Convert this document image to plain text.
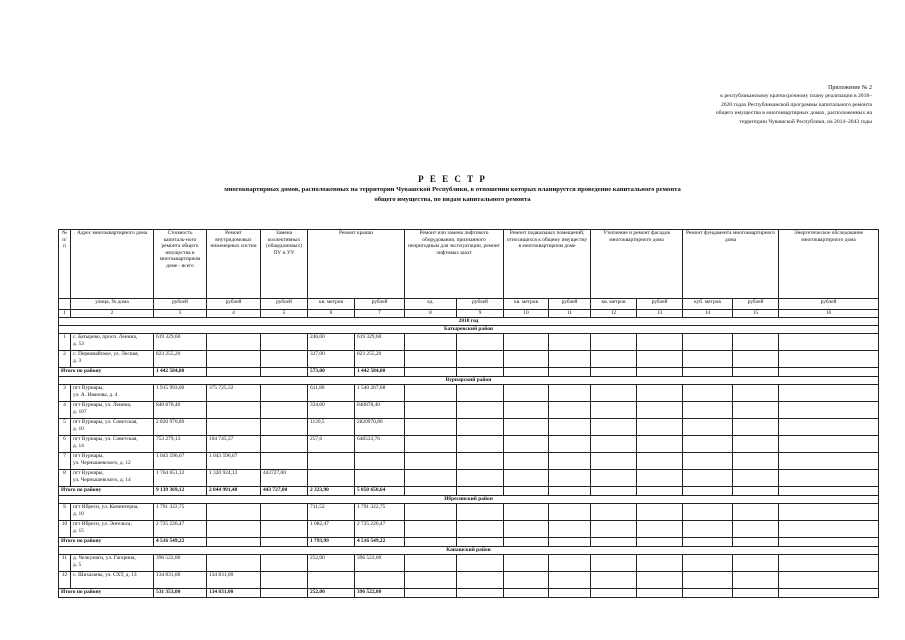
Приложение № 2
к республиканскому краткосрочному плану реализации в 2018–
2020 годах Республиканской программы капитального ремонта
общего имущества в многоквартирных домах, расположенных на
территории Чувашской Республики, на 2014–2043 годы
Р Е Е С Т Р
многоквартирных домов, расположенных на территории Чувашской Республики, в отношении которых планируется проведение капитального ремонта
общего имущества, по видам капитального ремонта
№ п/п	Адрес многоквартирного дома	Стоимость капиталь-ного ремонта общего имущества в многоквартирном доме - всего	Ремонт внутридомовых инженерных систем	Замена коллективных (общедомовых) ПУ и УУ	Ремонт крыши		Ремонт или замена лифтового оборудования, признанного непригодным для эксплуатации, ремонт лифтовых шахт		Ремонт подвальных помещений, относящихся к общему имуществу в многоквартирном доме		Утепление и ремонт фасадов многоквартирного дома		Ремонт фундамента многоквартирного дома		Энергетическое обследование многоквартирного дома
	улица, № дома	рублей	рублей	рублей	кв. метров	рублей	ед.	рублей	кв. метров	рублей	кв. метров	рублей	куб. метров	рублей	рублей
1	2	3	4	5	6	7	8	9	10	11	12	13	14	15	16
2018 год															
Батыревский район															
1	с. Батырево, просп. Ленина,
д. 53	619 329,60			246,00	619 329,60									
2	с. Первомайское, ул. Лесная,
д. 3	823 255,20			327,00	823 255,20									
Итого по району		1 442 584,80			573,00	1 442 584,80									
Вурнарский район															
3	пгт Вурнары,
ул. А. Иванова, д. 4	1 915 993,00	375 725,32		611,80	1 540 267,68									
4	пгт Вурнары, ул. Ленина,
д. 107	840 878,40			334,00	840878,40									
5	пгт Вурнары, ул. Советская,
д. 10	2 820 970,80			1120,5	2820970,80									
6	пгт Вурнары, ул. Советская,
д. 14	753 279,13	104 745,37		257,6	648533,76									
7	пгт Вурнары,
ул. Чернышевского, д. 12	1 043 596,67	1 043 596,67												
8	пгт Вурнары,
ул. Чернышевского, д. 14	1 764 651,12	1 320 924,12	443727,00											
Итого по району		9 139 369,12	2 844 991,48	443 727,00	2 323,90	5 850 650,64									
Ибресинский район															
9	пгт Ибреси, ул. Коминтерна,
д. 10	1 791 322,75			711,52	1 791 322,75									
10	пгт Ибреси, ул. Энгельса,
д. 15	2 725 226,47			1 082,47	2 725 226,47									
Итого по району		4 516 549,22			1 793,99	4 516 549,22									
Канашский район															
11	д. Челкумаги, ул. Гагарина,
д. 5	396 522,00			252,00	396 522,00									
12	с. Шихазаны, ул. СХТ, д. 13	134 831,00	134 831,00												
Итого по району		531 353,00	134 831,00		252,00	396 522,00									
